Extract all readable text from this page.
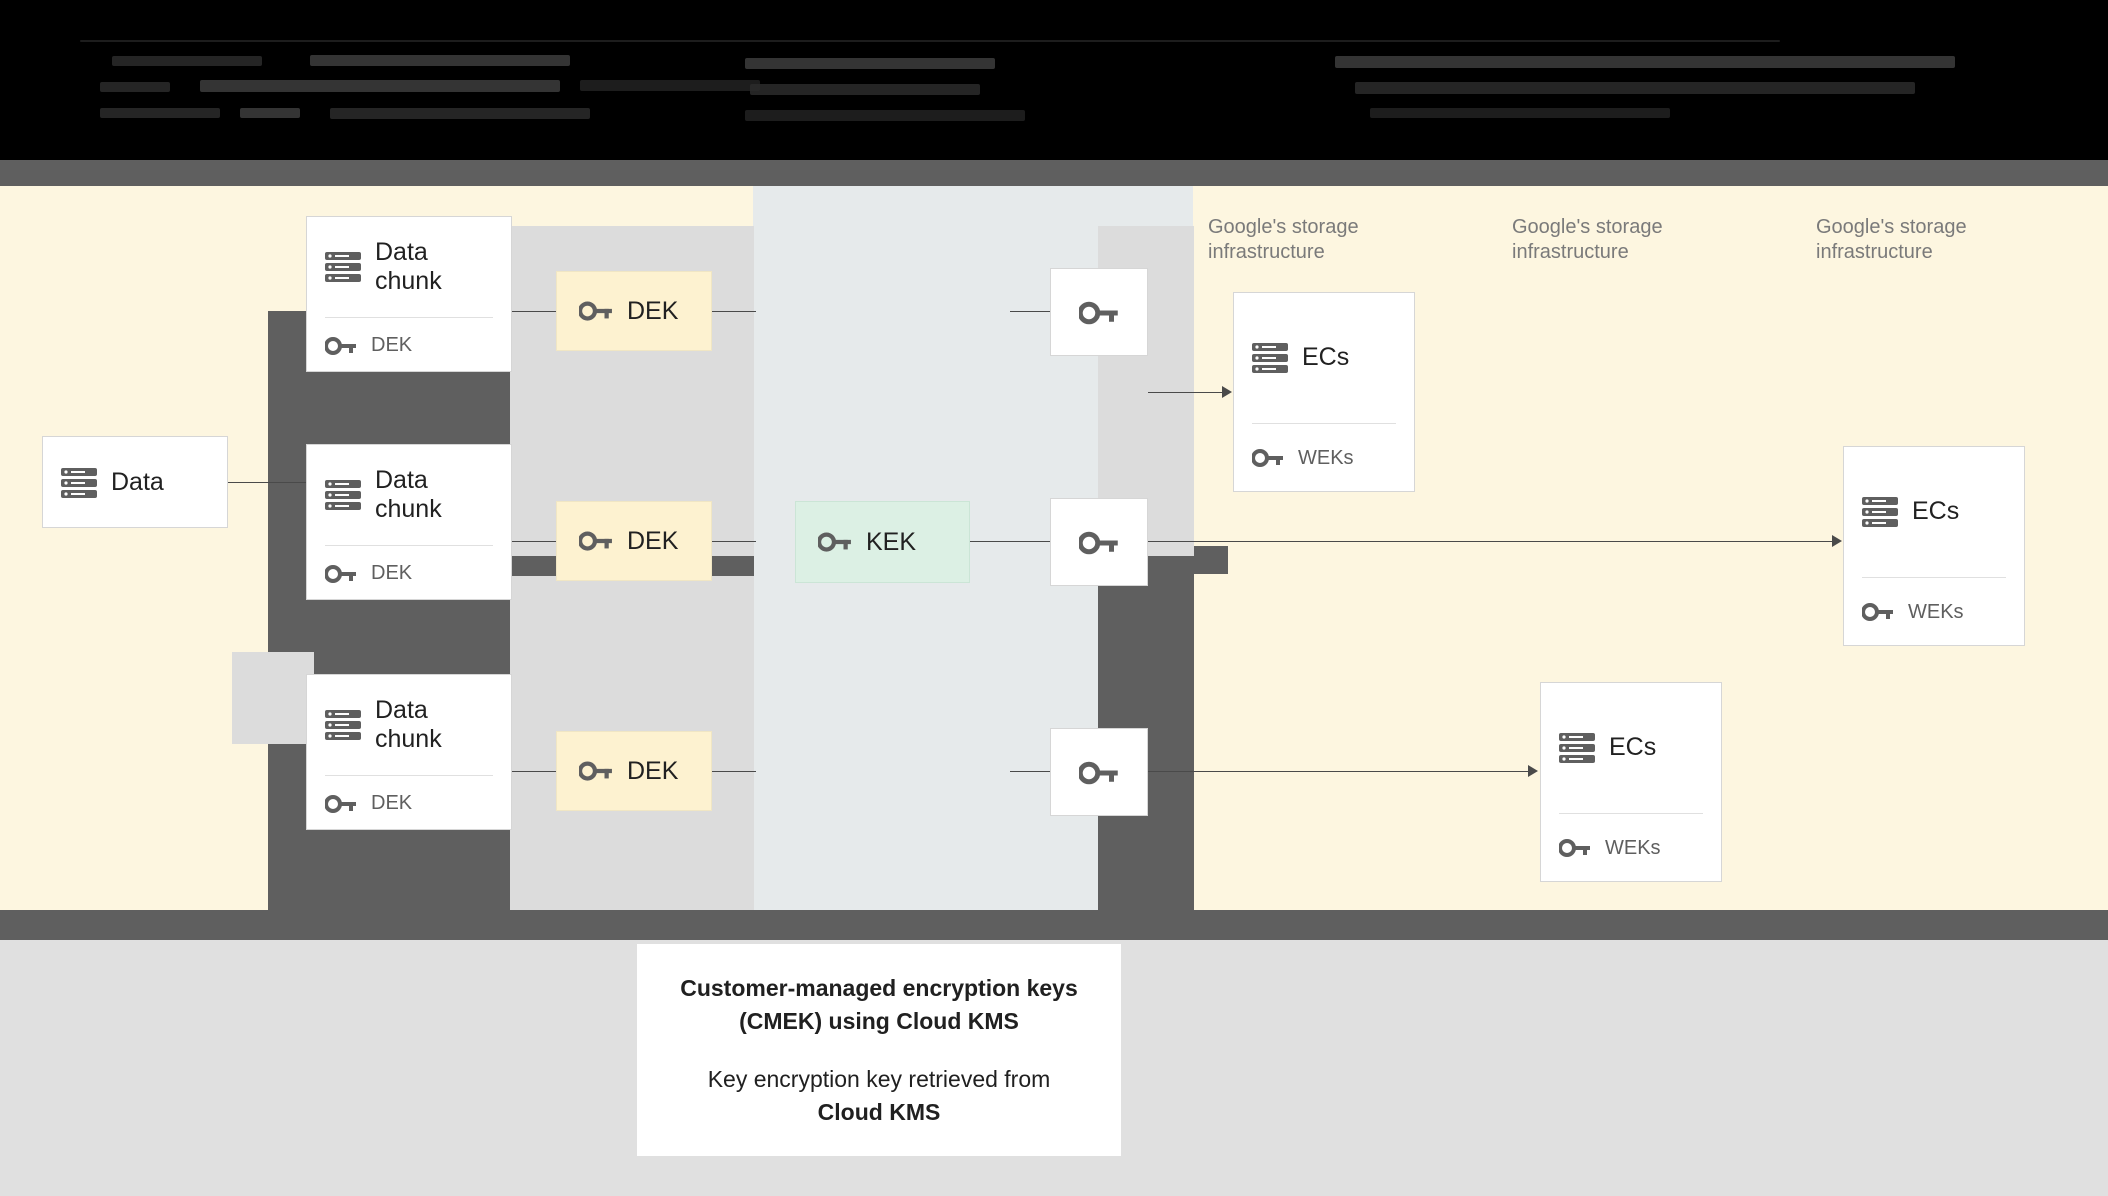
Data
Data chunk
DEK
Data chunk
DEK
Data chunk
DEK
DEK
DEK
DEK
KEK
Google's storage infrastructure
Google's storage infrastructure
Google's storage infrastructure
ECs
WEKs
ECs
WEKs
ECs
WEKs
Customer-managed encryption keys
(CMEK) using Cloud KMS
Key encryption key retrieved from
Cloud KMS
